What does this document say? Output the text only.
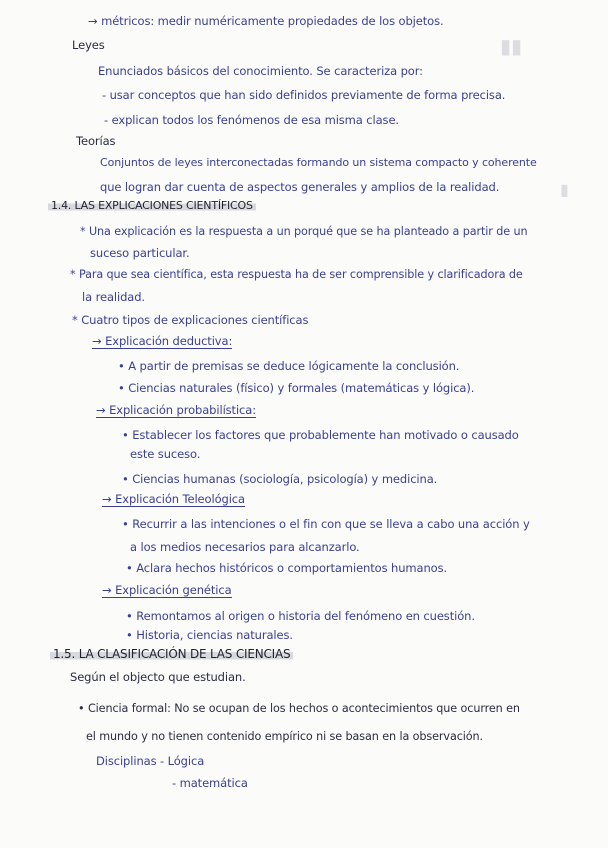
▮▮
▮
→ métricos: medir numéricamente propiedades de los objetos.
Leyes
Enunciados básicos del conocimiento. Se caracteriza por:
- usar conceptos que han sido definidos previamente de forma precisa.
- explican todos los fenómenos de esa misma clase.
Teorías
Conjuntos de leyes interconectadas formando un sistema compacto y coherente
que logran dar cuenta de aspectos generales y amplios de la realidad.
1.4. LAS EXPLICACIONES CIENTÍFICOS
* Una explicación es la respuesta a un porqué que se ha planteado a partir de un
suceso particular.
* Para que sea científica, esta respuesta ha de ser comprensible y clarificadora de
la realidad.
* Cuatro tipos de explicaciones científicas
→ Explicación deductiva:
• A partir de premisas se deduce lógicamente la conclusión.
• Ciencias naturales (físico) y formales (matemáticas y lógica).
→ Explicación probabilística:
• Establecer los factores que probablemente han motivado o causado
este suceso.
• Ciencias humanas (sociología, psicología) y medicina.
→ Explicación Teleológica
• Recurrir a las intenciones o el fin con que se lleva a cabo una acción y
a los medios necesarios para alcanzarlo.
• Aclara hechos históricos o comportamientos humanos.
→ Explicación genética
• Remontamos al origen o historia del fenómeno en cuestión.
• Historia, ciencias naturales.
1.5. LA CLASIFICACIÓN DE LAS CIENCIAS
Según el objecto que estudian.
• Ciencia formal: No se ocupan de los hechos o acontecimientos que ocurren en
el mundo y no tienen contenido empírico ni se basan en la observación.
Disciplinas - Lógica
- matemática
